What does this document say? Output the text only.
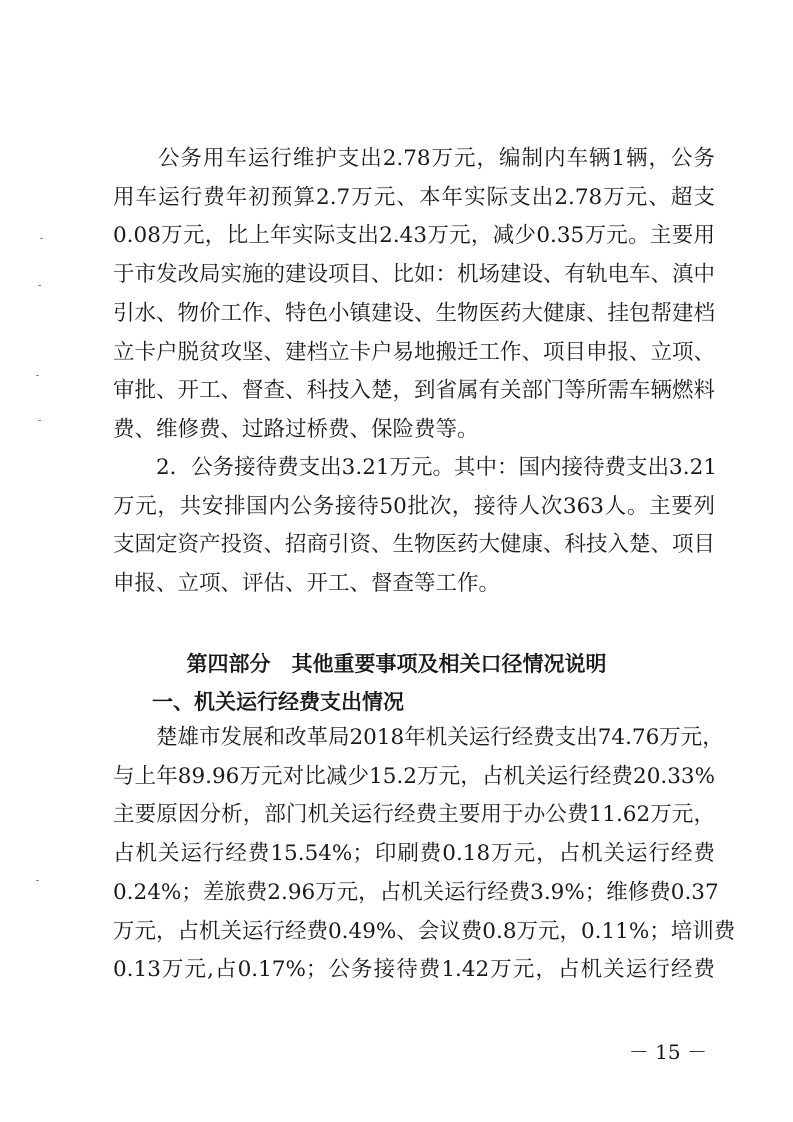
　　公务用车运行维护支出2.78万元，编制内车辆1辆，公务
用车运行费年初预算2.7万元、本年实际支出2.78万元、超支
0.08万元，比上年实际支出2.43万元，减少0.35万元。主要用
于市发改局实施的建设项目、比如：机场建设、有轨电车、滇中
引水、物价工作、特色小镇建设、生物医药大健康、挂包帮建档
立卡户脱贫攻坚、建档立卡户易地搬迁工作、项目申报、立项、
审批、开工、督查、科技入楚，到省属有关部门等所需车辆燃料
费、维修费、过路过桥费、保险费等。
　　2．公务接待费支出3.21万元。其中：国内接待费支出3.21
万元，共安排国内公务接待50批次，接待人次363人。主要列
支固定资产投资、招商引资、生物医药大健康、科技入楚、项目
申报、立项、评估、开工、督查等工作。
第四部分　其他重要事项及相关口径情况说明
一、机关运行经费支出情况
　　楚雄市发展和改革局2018年机关运行经费支出74.76万元，
与上年89.96万元对比减少15.2万元，占机关运行经费20.33%
主要原因分析，部门机关运行经费主要用于办公费11.62万元，
占机关运行经费15.54%；印刷费0.18万元，占机关运行经费
0.24%；差旅费2.96万元，占机关运行经费3.9%；维修费0.37
万元，占机关运行经费0.49%、会议费0.8万元，0.11%；培训费
0.13万元,占0.17%；公务接待费1.42万元，占机关运行经费
－ 15 －
